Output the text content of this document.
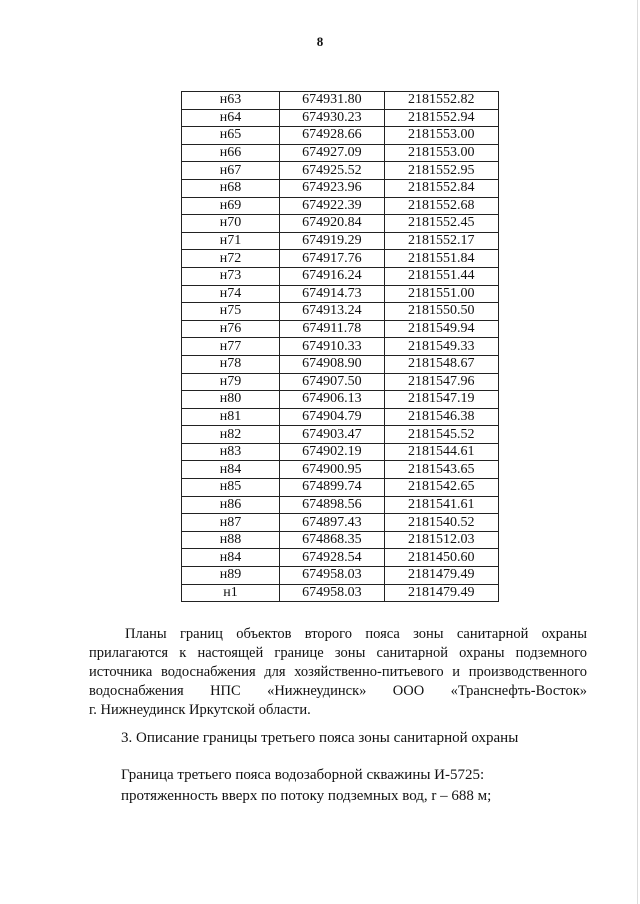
8
н63	674931.80	2181552.82
н64	674930.23	2181552.94
н65	674928.66	2181553.00
н66	674927.09	2181553.00
н67	674925.52	2181552.95
н68	674923.96	2181552.84
н69	674922.39	2181552.68
н70	674920.84	2181552.45
н71	674919.29	2181552.17
н72	674917.76	2181551.84
н73	674916.24	2181551.44
н74	674914.73	2181551.00
н75	674913.24	2181550.50
н76	674911.78	2181549.94
н77	674910.33	2181549.33
н78	674908.90	2181548.67
н79	674907.50	2181547.96
н80	674906.13	2181547.19
н81	674904.79	2181546.38
н82	674903.47	2181545.52
н83	674902.19	2181544.61
н84	674900.95	2181543.65
н85	674899.74	2181542.65
н86	674898.56	2181541.61
н87	674897.43	2181540.52
н88	674868.35	2181512.03
н84	674928.54	2181450.60
н89	674958.03	2181479.49
н1	674958.03	2181479.49
Планы границ объектов второго пояса зоны санитарной охраны
прилагаются к настоящей границе зоны санитарной охраны подземного
источника водоснабжения для хозяйственно-питьевого и производственного
водоснабжения НПС «Нижнеудинск» ООО «Транснефть-Восток»
г. Нижнеудинск Иркутской области.
3. Описание границы третьего пояса зоны санитарной охраны
Граница третьего пояса водозаборной скважины И-5725:
протяженность вверх по потоку подземных вод, r – 688 м;
